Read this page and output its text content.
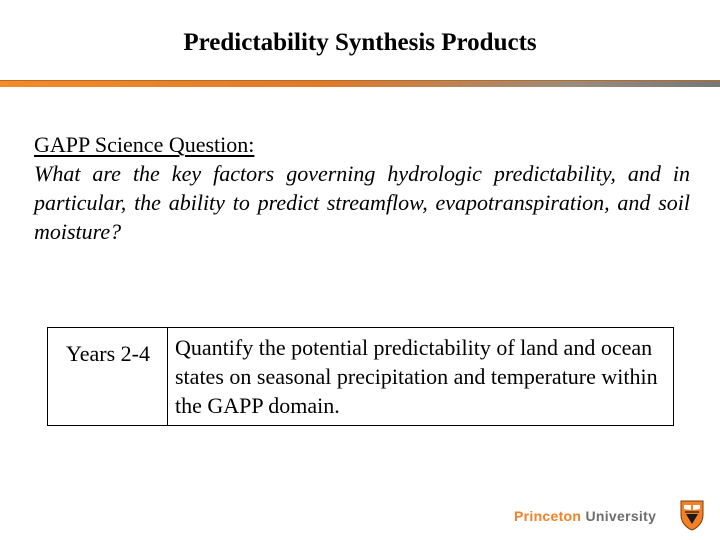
Predictability Synthesis Products
GAPP Science Question:
What are the key factors governing hydrologic predictability, and in particular, the ability to predict streamflow, evapotranspiration, and soil moisture?
Years 2-4	Quantify the potential predictability of land and ocean states on seasonal precipitation and temperature within the GAPP domain.
Princeton University
